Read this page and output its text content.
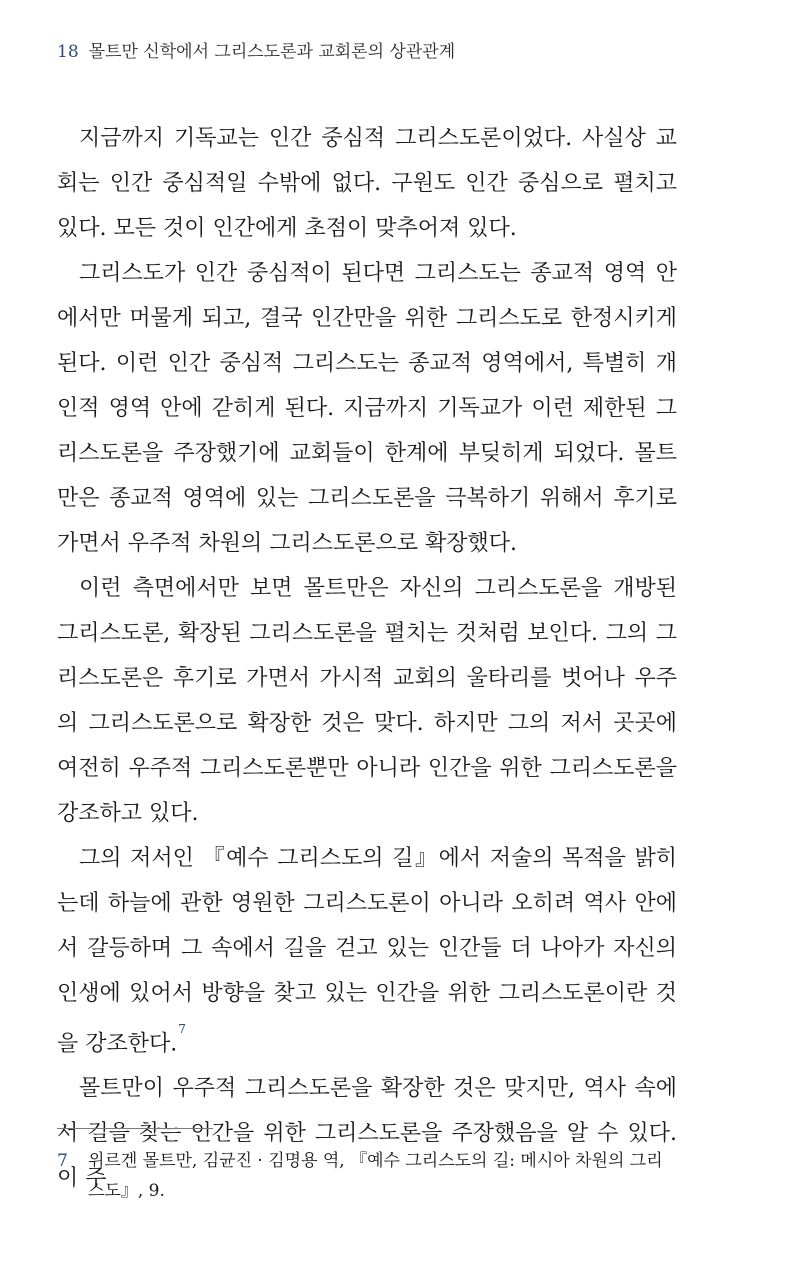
18 몰트만 신학에서 그리스도론과 교회론의 상관관계

지금까지 기독교는 인간 중심적 그리스도론이었다. 사실상 교회는 인간 중심적일 수밖에 없다. 구원도 인간 중심으로 펼치고 있다. 모든 것이 인간에게 초점이 맞추어져 있다.

그리스도가 인간 중심적이 된다면 그리스도는 종교적 영역 안에서만 머물게 되고, 결국 인간만을 위한 그리스도로 한정시키게 된다. 이런 인간 중심적 그리스도는 종교적 영역에서, 특별히 개인적 영역 안에 갇히게 된다. 지금까지 기독교가 이런 제한된 그리스도론을 주장했기에 교회들이 한계에 부딪히게 되었다. 몰트만은 종교적 영역에 있는 그리스도론을 극복하기 위해서 후기로 가면서 우주적 차원의 그리스도론으로 확장했다.

이런 측면에서만 보면 몰트만은 자신의 그리스도론을 개방된 그리스도론, 확장된 그리스도론을 펼치는 것처럼 보인다. 그의 그리스도론은 후기로 가면서 가시적 교회의 울타리를 벗어나 우주의 그리스도론으로 확장한 것은 맞다. 하지만 그의 저서 곳곳에 여전히 우주적 그리스도론뿐만 아니라 인간을 위한 그리스도론을 강조하고 있다.

그의 저서인 『예수 그리스도의 길』에서 저술의 목적을 밝히는데 하늘에 관한 영원한 그리스도론이 아니라 오히려 역사 안에서 갈등하며 그 속에서 길을 걷고 있는 인간들 더 나아가 자신의 인생에 있어서 방향을 찾고 있는 인간을 위한 그리스도론이란 것을 강조한다.$^7$

몰트만이 우주적 그리스도론을 확장한 것은 맞지만, 역사 속에서 길을 찾는 인간을 위한 그리스도론을 주장했음을 알 수 있다. 이 주

7	위르겐 몰트만, 김균진 · 김명용 역, 『예수 그리스도의 길: 메시아 차원의 그리스도』, 9.
